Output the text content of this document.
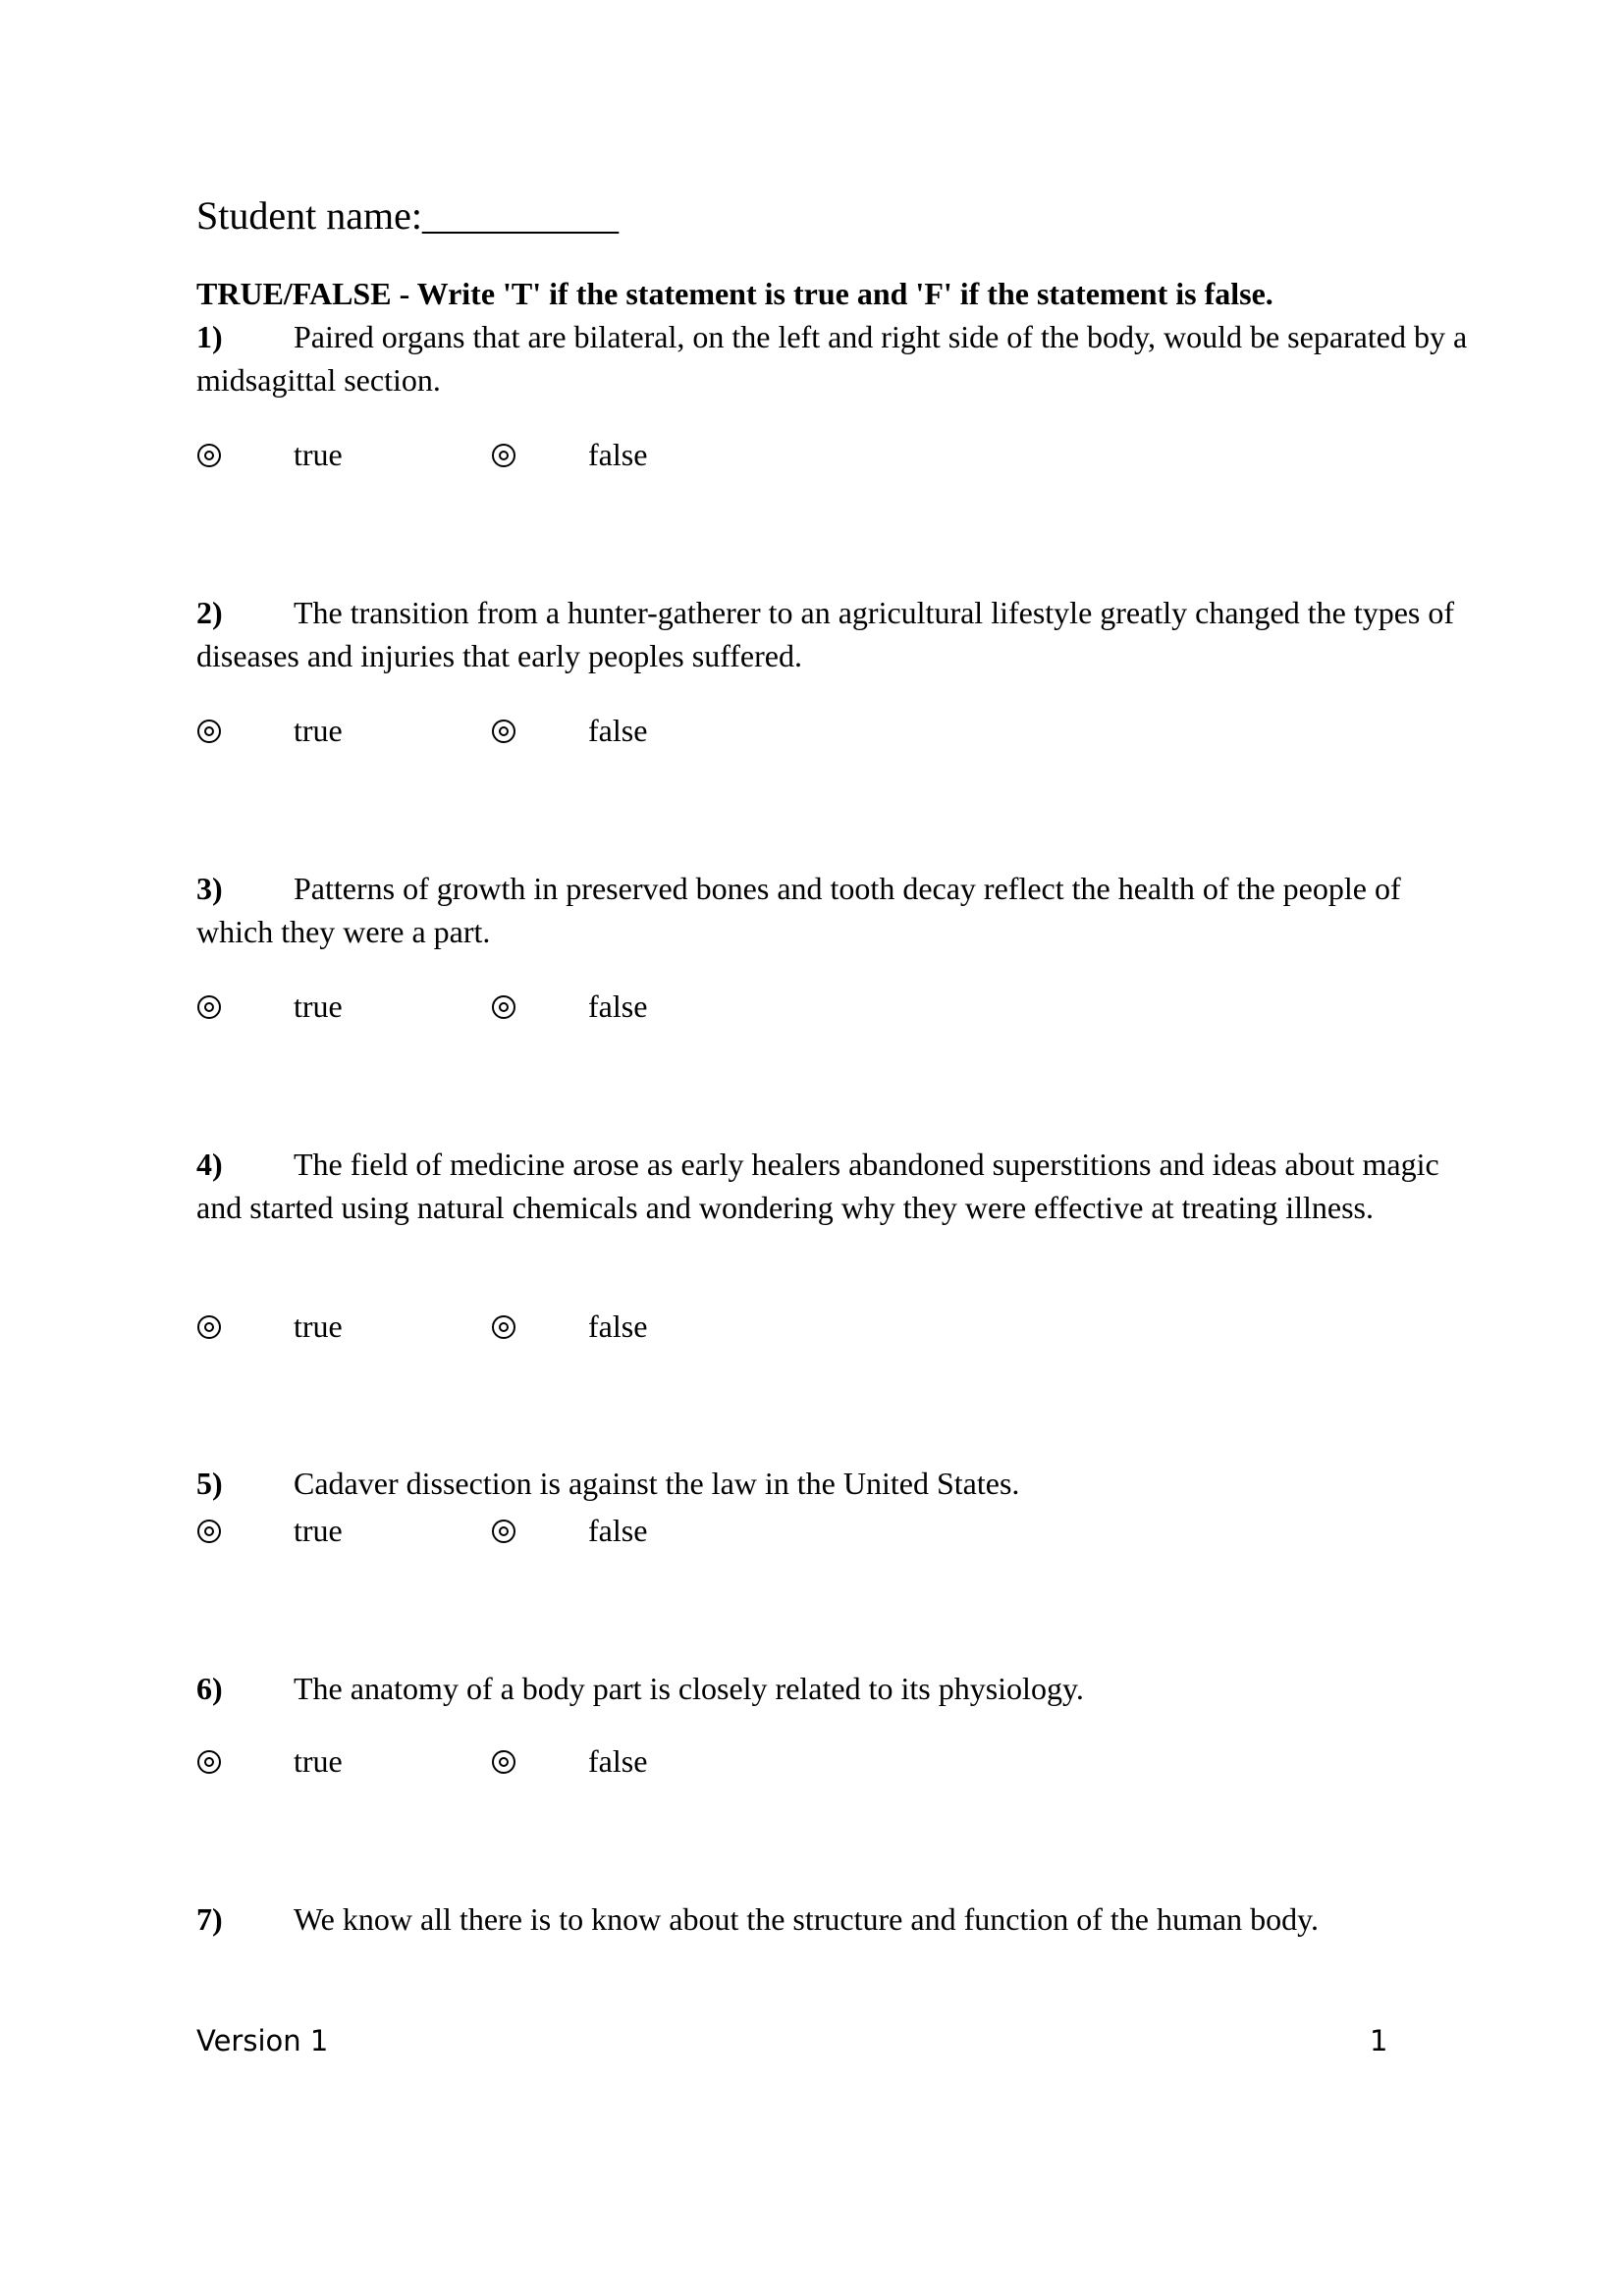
Student name:__________
TRUE/FALSE - Write 'T' if the statement is true and 'F' if the statement is false.
1) Paired organs that are bilateral, on the left and right side of the body, would be separated by a midsagittal section.
true	false
2) The transition from a hunter-gatherer to an agricultural lifestyle greatly changed the types of diseases and injuries that early peoples suffered.
true	false
3) Patterns of growth in preserved bones and tooth decay reflect the health of the people of which they were a part.
true	false
4) The field of medicine arose as early healers abandoned superstitions and ideas about magic and started using natural chemicals and wondering why they were effective at treating illness.
true	false
5) Cadaver dissection is against the law in the United States.
true	false
6) The anatomy of a body part is closely related to its physiology.
true	false
7) We know all there is to know about the structure and function of the human body.
Version 1	1
